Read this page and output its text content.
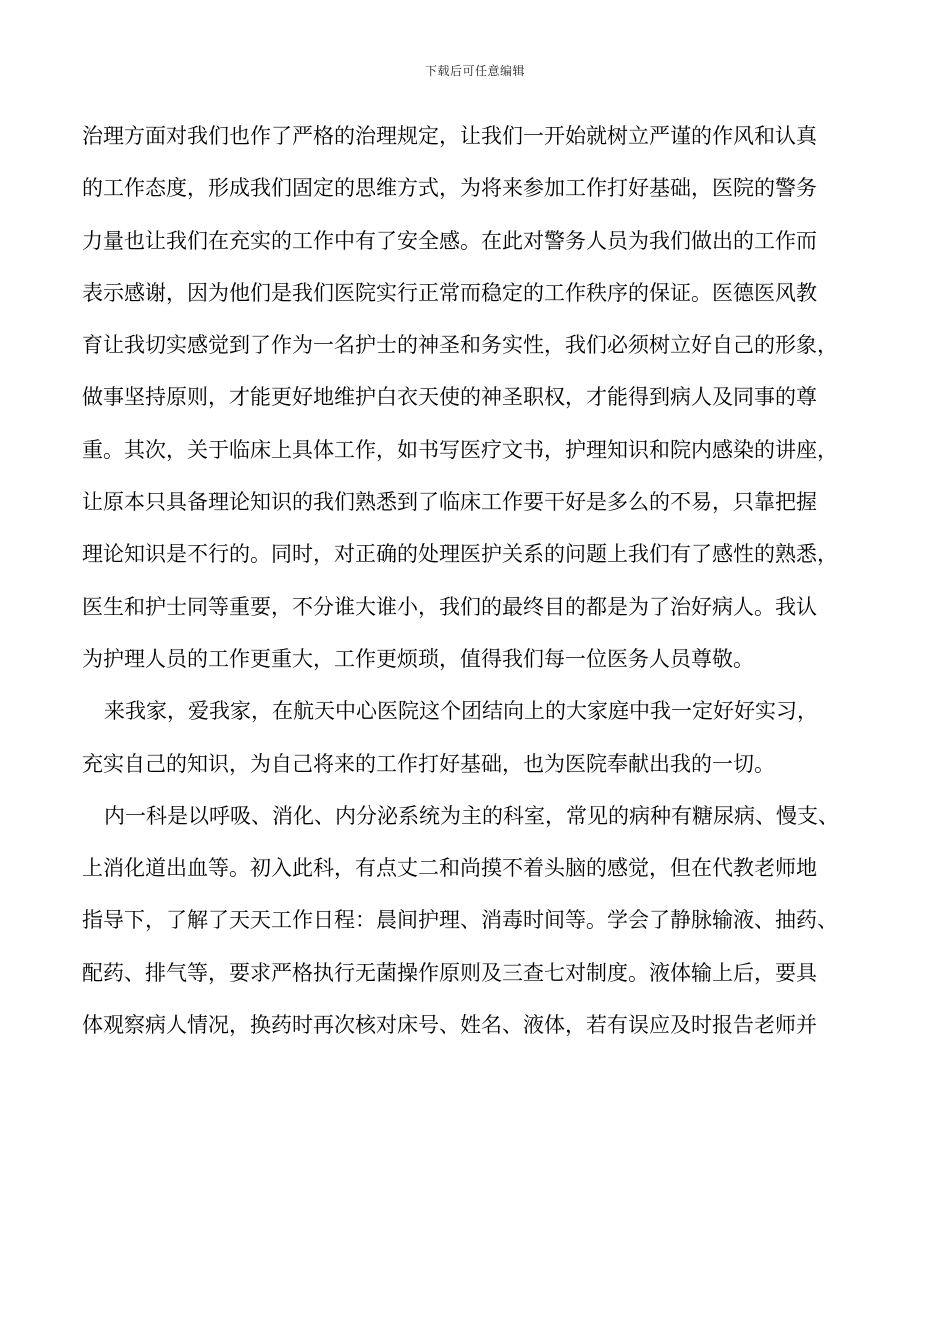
下载后可任意编辑
治理方面对我们也作了严格的治理规定，让我们一开始就树立严谨的作风和认真
的工作态度，形成我们固定的思维方式，为将来参加工作打好基础，医院的警务
力量也让我们在充实的工作中有了安全感。在此对警务人员为我们做出的工作而
表示感谢，因为他们是我们医院实行正常而稳定的工作秩序的保证。医德医风教
育让我切实感觉到了作为一名护士的神圣和务实性，我们必须树立好自己的形象，
做事坚持原则，才能更好地维护白衣天使的神圣职权，才能得到病人及同事的尊
重。其次，关于临床上具体工作，如书写医疗文书，护理知识和院内感染的讲座，
让原本只具备理论知识的我们熟悉到了临床工作要干好是多么的不易，只靠把握
理论知识是不行的。同时，对正确的处理医护关系的问题上我们有了感性的熟悉，
医生和护士同等重要，不分谁大谁小，我们的最终目的都是为了治好病人。我认
为护理人员的工作更重大，工作更烦琐，值得我们每一位医务人员尊敬。
来我家，爱我家，在航天中心医院这个团结向上的大家庭中我一定好好实习，
充实自己的知识，为自己将来的工作打好基础，也为医院奉献出我的一切。
内一科是以呼吸、消化、内分泌系统为主的科室，常见的病种有糖尿病、慢支、
上消化道出血等。初入此科，有点丈二和尚摸不着头脑的感觉，但在代教老师地
指导下，了解了天天工作日程：晨间护理、消毒时间等。学会了静脉输液、抽药、
配药、排气等，要求严格执行无菌操作原则及三查七对制度。液体输上后，要具
体观察病人情况，换药时再次核对床号、姓名、液体，若有误应及时报告老师并
